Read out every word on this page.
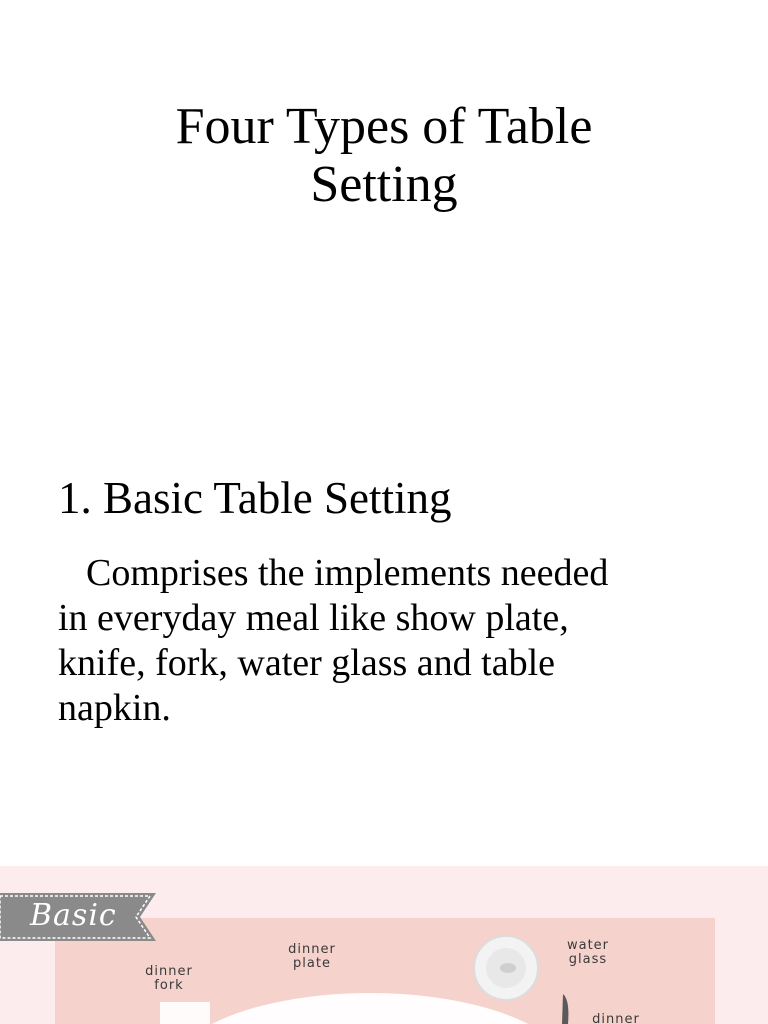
Four Types of Table
Setting
1. Basic Table Setting

Comprises the implements needed
in everyday meal like show plate,
knife, fork, water glass and table
napkin.

Basic
dinner
plate
dinner
fork
water
glass
dinner
